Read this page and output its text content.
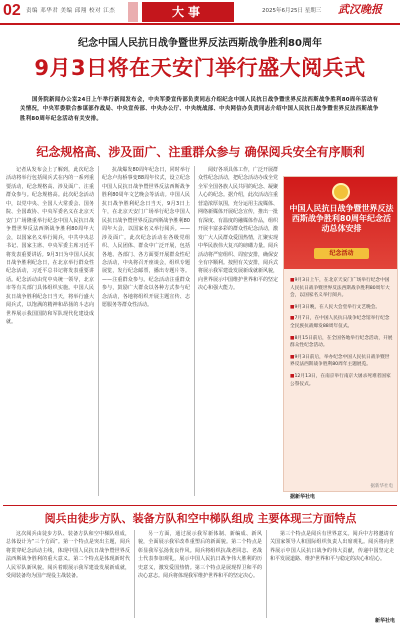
02 责编 邓华君 美编 邱翔 校对 江杰	大事	2025年6月25日 星期三 武汉晚报
纪念中国人民抗日战争暨世界反法西斯战争胜利80周年
9月3日将在天安门举行盛大阅兵式
国务院新闻办公室24日上午举行新闻发布会，中央军委宣传部负责同志介绍纪念中国人民抗日战争暨世界反法西斯战争胜利80周年活动有关情况，中央军委联合参谋部作战局、中央宣传部、中央办公厅、中央统战部、中央网信办负责同志介绍中国人民抗日战争暨世界反法西斯战争胜利80周年纪念活动有关安排。
纪念规格高、涉及面广、注重群众参与 确保阅兵安全有序顺利
记者从发布会上了解到，此次纪念活动将举行包括阅兵式在内的一系列重要活动，纪念规格高、涉及面广、注重群众参与。纪念规格高。此次纪念活动中，以党中央、全国人大常委会、国务院、全国政协、中央军委名义在北京天安门广场隆重举行纪念中国人民抗日战争暨世界反法西斯战争胜利80周年大会，以国家名义举行阅兵，中共中央总书记、国家主席、中央军委主席习近平将发表重要讲话。9月3日为中国人民抗日战争胜利纪念日，在北京举行群众性纪念活动，习近平总书记将发表重要讲话。纪念活动由党中央统一领导，北京市等有关部门具体组织实施。中国人民抗日战争胜利纪念日当天，将举行盛大阅兵式，以饱满的精神和昂扬的斗志向世界展示我国国防和军队现代化建设成就。
抗战爆发80周年纪念日，同时举行纪念卢沟桥事变88周年仪式，设立纪念中国人民抗日战争暨世界反法西斯战争胜利80周年文艺晚会等活动。中国人民抗日战争胜利纪念日当天，9月3日上午，在北京天安门广场举行纪念中国人民抗日战争暨世界反法西斯战争胜利80周年大会，以国家名义举行阅兵。——涉及面广。此次纪念活动在各级党组织、人民团体、群众中广泛开展，包括各地、各部门、各方面要开展群众性纪念活动，中央将召开座谈会，组织专题展览，发行纪念邮票，播出专题片等。——注重群众参与。纪念活动注重群众参与，鼓励广大群众以各种方式参与纪念活动，各地将组织开展主题宣传、志愿服务等群众性活动。
阅好各项具体工作，广泛开展群众性纪念活动，把纪念活动办成全党全军全国各族人民共同的纪念、凝聚人心的纪念。据介绍，此次活动注重营造浓厚氛围，充分运用主流媒体、网络新媒体开展纪念宣传，推出一批有深度、有温度的融媒体作品，组织开展丰富多彩的群众性纪念活动，激发广大人民群众爱国热情，汇聚实现中华民族伟大复兴的磅礴力量。阅兵活动将严密组织、周密安排，确保安全有序顺利。按照有关安排，阅兵式将展示我军建设发展新成就新风貌，向世界展示中国维护世界和平的坚定决心和强大能力。
中国人民抗日战争暨世界反法西斯战争胜利80周年纪念活动总体安排
纪念活动

■9月3日上午，在北京天安门广场举行纪念中国人民抗日战争暨世界反法西斯战争胜利80周年大会，以国家名义举行阅兵。

■9月3日晚，在人民大会堂举行文艺晚会。

■7月7日，在中国人民抗日战争纪念馆举行纪念全民族抗战爆发88周年仪式。

■8月15日前后，在全国各地举行纪念活动，开展群众性纪念活动。

■9月3日前后，举办纪念中国人民抗日战争暨世界反法西斯战争胜利80周年主题展览。

■12月13日，在南京举行南京大屠杀死难者国家公祭仪式。

据新华社电
据新华社电
阅兵由徒步方队、装备方队和空中梯队组成 主要体现三方面特点
这次阅兵由徒步方队、装备方队和空中梯队组成，总体设计为“三个方面”。第一个特点是突出主题，阅兵将贯穿纪念活动主线，体现中国人民抗日战争暨世界反法西斯战争胜利的重大意义。第二个特点是体现新时代人民军队新风貌。阅兵着眼展示我军建设发展新成就，受阅装备均为国产现役主战装备。
另一方面，通过展示我军新体制、新编成、新风貌，全面展示我军改革重塑后的新面貌。第二个特点是彰显我军弘扬优良作风。阅兵将组织抗战老同志、老战士代表参加观礼，展示中国人民抗日战争伟大胜利的历史意义，激发爱国热情。第三个特点是展现捍卫和平的决心意志。阅兵将体现我军维护世界和平的坚定决心。
第三个特点是阅兵有世界意义。阅兵中方将邀请有关国家领导人和国际组织负责人出席观礼。阅兵将向世界展示中国人民抗日战争的伟大贡献，传递中国坚定走和平发展道路、维护世界和平与稳定的决心和信心。
新华社电
